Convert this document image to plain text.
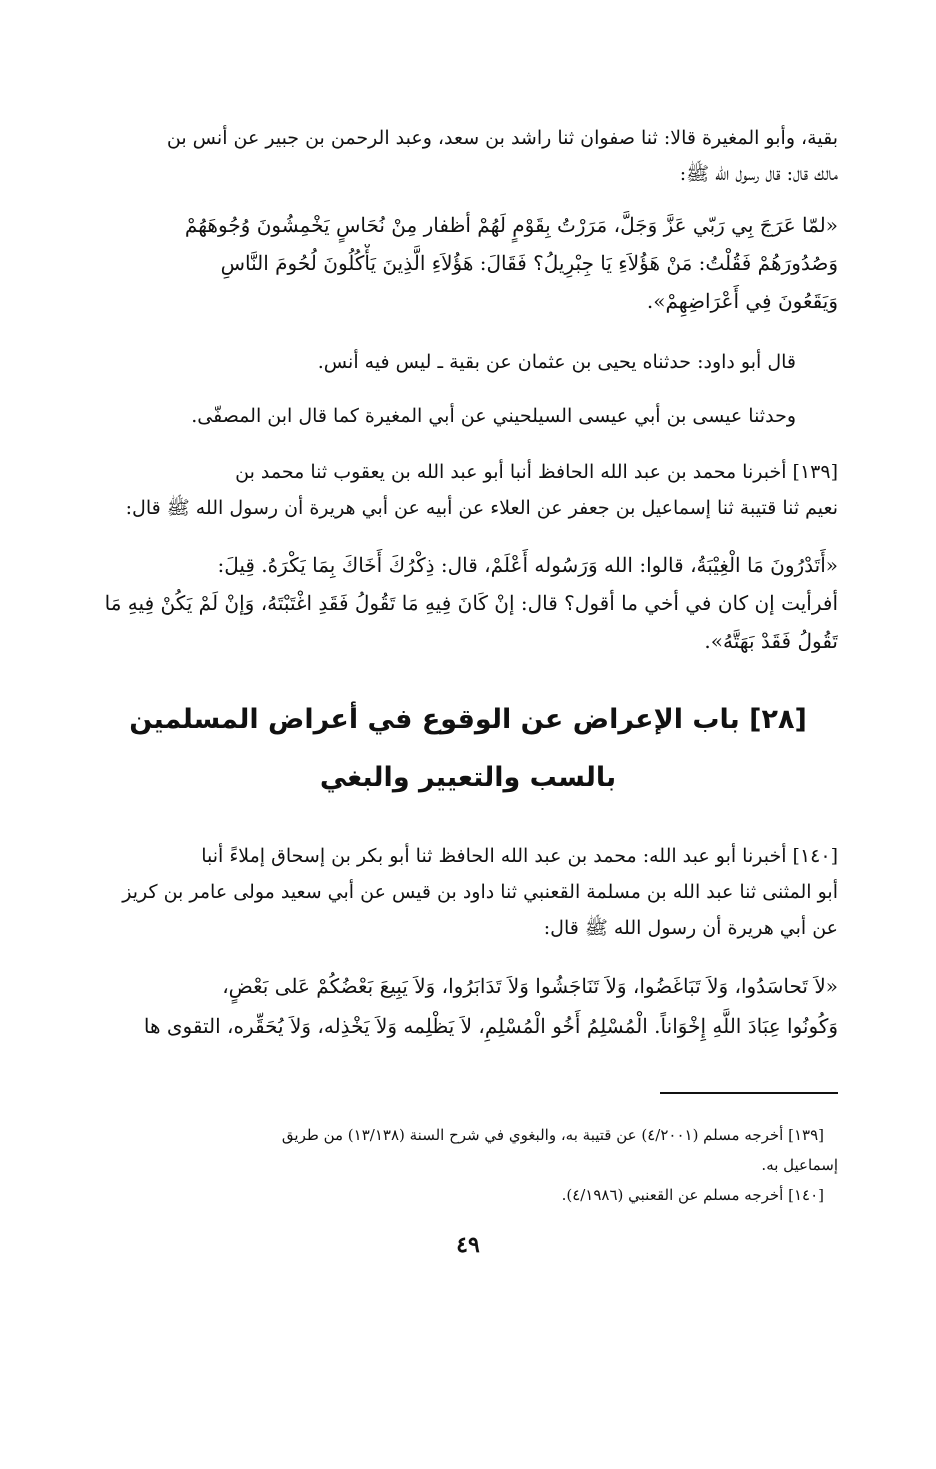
بقية، وأبو المغيرة قالا: ثنا صفوان ثنا راشد بن سعد، وعبد الرحمن بن جبير عن أنس بن
مالك قال: قال رسول الله ﷺ:
«لمّا عَرَجَ بِي رَبّي عَزَّ وَجَلَّ، مَرَرْتُ بِقَوْمٍ لَهُمْ أظفار مِنْ نُحَاسٍ يَخْمِشُونَ وُجُوهَهُمْ
وَصُدُورَهُمْ فَقُلْتُ: مَنْ هَؤُلاَءِ يَا جِبْرِيلُ؟ فَقَالَ: هَؤُلاَءِ الَّذِينَ يَأْكُلُونَ لُحُومَ النَّاسِ
وَيَقَعُونَ فِي أَعْرَاضِهِمْ».
قال أبو داود: حدثناه يحيى بن عثمان عن بقية ـ ليس فيه أنس.
وحدثنا عيسى بن أبي عيسى السيلحيني عن أبي المغيرة كما قال ابن المصفّى.
[١٣٩] أخبرنا محمد بن عبد الله الحافظ أنبا أبو عبد الله بن يعقوب ثنا محمد بن
نعيم ثنا قتيبة ثنا إسماعيل بن جعفر عن العلاء عن أبيه عن أبي هريرة أن رسول الله ﷺ قال:
«أَتَدْرُونَ مَا الْغِيْبَةُ، قالوا: الله وَرَسُوله أَعْلَمْ، قال: ذِكْرُكَ أَخَاكَ بِمَا يَكْرَهُ. قِيلَ:
أفرأيت إن كان في أخي ما أقول؟ قال: إنْ كَانَ فِيهِ مَا تَقُولُ فَقَدِ اغْتَبْتَهُ، وَإنْ لَمْ يَكُنْ فِيهِ مَا
تَقُولُ فَقَدْ بَهَتَّهُ».
[٢٨] باب الإعراض عن الوقوع في أعراض المسلمين
بالسب والتعيير والبغي
[١٤٠] أخبرنا أبو عبد الله: محمد بن عبد الله الحافظ ثنا أبو بكر بن إسحاق إملاءً أنبا
أبو المثنى ثنا عبد الله بن مسلمة القعنبي ثنا داود بن قيس عن أبي سعيد مولى عامر بن كريز
عن أبي هريرة أن رسول الله ﷺ قال:
«لاَ تَحاسَدُوا، وَلاَ تَبَاغَضُوا، وَلاَ تَنَاجَشُوا وَلاَ تَدَابَرُوا، وَلاَ يَبِيعَ بَعْضُكُمْ عَلى بَعْضٍ،
وَكُونُوا عِبَادَ اللَّهِ إِخْوَاناً. الْمُسْلِمُ أَخُو الْمُسْلِمِ، لاَ يَظْلِمه وَلاَ يَخْذِله، وَلاَ يُحَقِّره، التقوى ها
[١٣٩] أخرجه مسلم (٤/٢٠٠١) عن قتيبة به، والبغوي في شرح السنة (١٣/١٣٨) من طريق
إسماعيل به.
[١٤٠] أخرجه مسلم عن القعنبي (٤/١٩٨٦).
٤٩
